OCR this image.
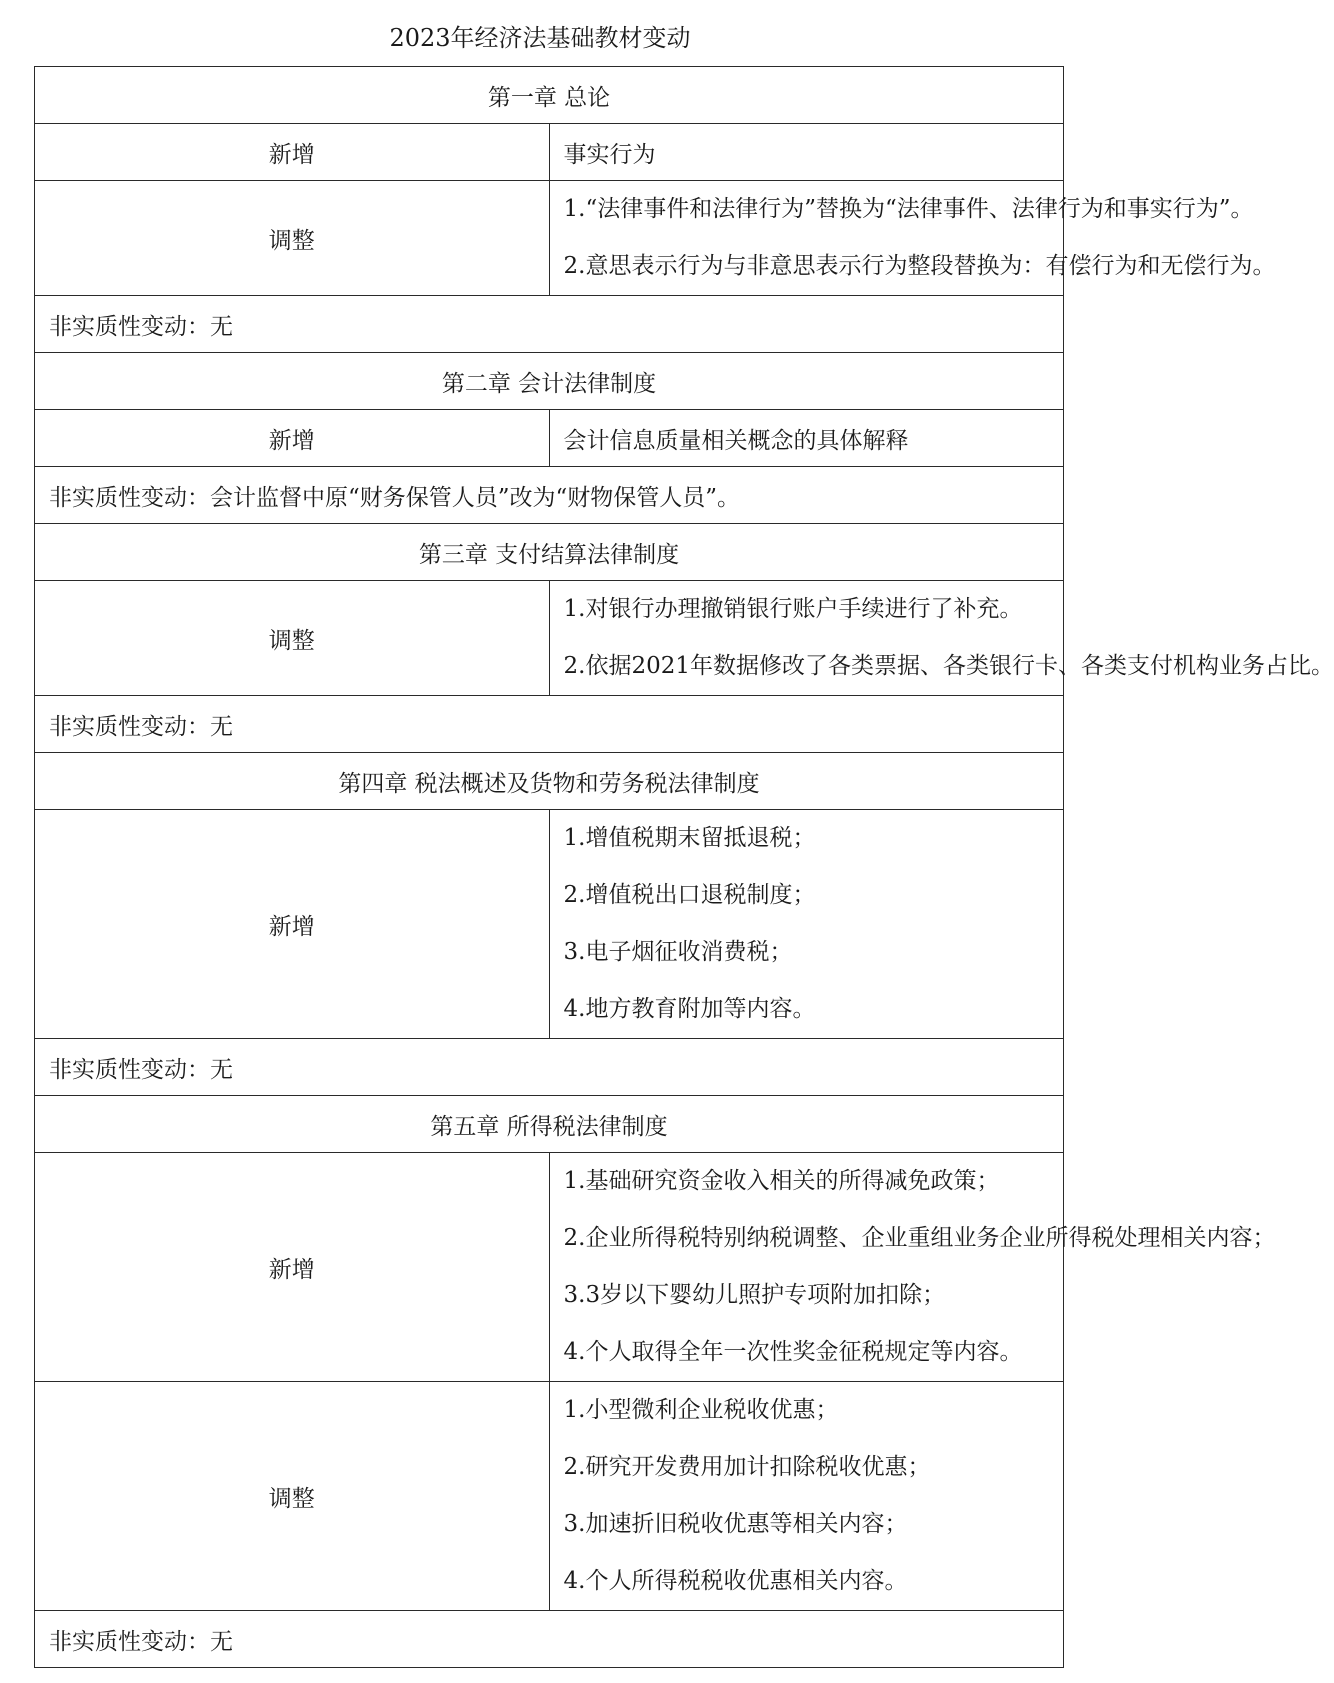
2023年经济法基础教材变动
第一章 总论	
新增	事实行为
调整	1.“法律事件和法律行为”替换为“法律事件、法律行为和事实行为”。
2.意思表示行为与非意思表示行为整段替换为：有偿行为和无偿行为。

非实质性变动：无	
第二章 会计法律制度	
新增	会计信息质量相关概念的具体解释
非实质性变动：会计监督中原“财务保管人员”改为“财物保管人员”。	
第三章 支付结算法律制度	
调整	1.对银行办理撤销银行账户手续进行了补充。
2.依据2021年数据修改了各类票据、各类银行卡、各类支付机构业务占比。

非实质性变动：无	
第四章 税法概述及货物和劳务税法律制度	
新增	1.增值税期末留抵退税；
2.增值税出口退税制度；
3.电子烟征收消费税；
4.地方教育附加等内容。

非实质性变动：无	
第五章 所得税法律制度	
新增	1.基础研究资金收入相关的所得减免政策；
2.企业所得税特别纳税调整、企业重组业务企业所得税处理相关内容；
3.3岁以下婴幼儿照护专项附加扣除；
4.个人取得全年一次性奖金征税规定等内容。

调整	1.小型微利企业税收优惠；
2.研究开发费用加计扣除税收优惠；
3.加速折旧税收优惠等相关内容；
4.个人所得税税收优惠相关内容。

非实质性变动：无	
